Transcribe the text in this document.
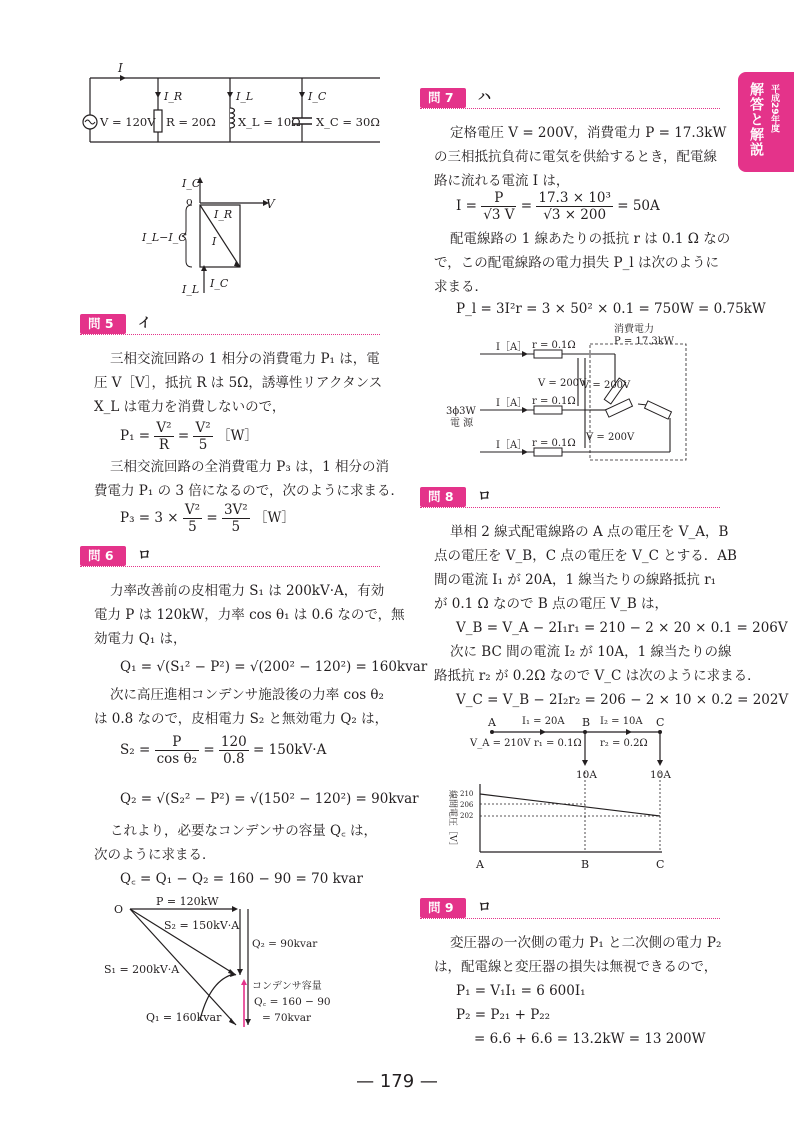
解答と解説 平成29年度
I
I_R	I_L	I_C
V = 120V R = 20Ω X_L = 10Ω X_C = 30Ω
I_C
o	V
I_R
I
I_L−I_C
I_L I_C
問 5	イ
三相交流回路の 1 相分の消費電力 P₁ は，電
圧 V［V］，抵抗 R は 5Ω，誘導性リアクタンス
X_L は電力を消費しないので，
$P_1 = \frac{\text{V²}}{R} = \frac{\text{V²}}{5}$ ［W］
三相交流回路の全消費電力 P₃ は，1 相分の消
費電力 P₁ の 3 倍になるので，次のように求まる．
$P_3 = 3 \times \frac{\text{V²}}{5} = \frac{\text{3V²}}{5}$ ［W］
問 6	ロ
力率改善前の皮相電力 S₁ は 200kV·A，有効
電力 P は 120kW，力率 cos θ₁ は 0.6 なので，無
効電力 Q₁ は，
Q₁ = √(S₁² − P²) = √(200² − 120²) = 160kvar
次に高圧進相コンデンサ施設後の力率 cos θ₂
は 0.8 なので，皮相電力 S₂ と無効電力 Q₂ は，
$S_2 = \frac{P}{\text{cos θ₂}} = \frac{120}{0.8} = 150kV\cdot A$
Q₂ = √(S₂² − P²) = √(150² − 120²) = 90kvar
これより，必要なコンデンサの容量 Q꜀ は，
次のように求まる．
Q꜀ = Q₁ − Q₂ = 160 − 90 = 70 kvar
O
P = 120kW
S₂ = 150kV·A
Q₂ = 90kvar
S₁ = 200kV·A
コンデンサ容量
Q꜀ = 160 − 90
= 70kvar
Q₁ = 160kvar
問 7	ハ
定格電圧 V = 200V，消費電力 P = 17.3kW
の三相抵抗負荷に電気を供給するとき，配電線
路に流れる電流 I は，
$I = \frac{P}{√3 V} = \frac{\text{17.3 × 10³}}{√3 \times 200} = 50A$
配電線路の 1 線あたりの抵抗 r は 0.1 Ω なの
で，この配電線路の電力損失 P_l は次のように
求まる．
P_l = 3I²r = 3 × 50² × 0.1 = 750W = 0.75kW
消費電力
P = 17.3kW
I［A］ r = 0.1Ω
I［A］ r = 0.1Ω
I［A］ r = 0.1Ω
V = 200V
V = 200V
V = 200V
3ϕ3W
電 源
問 8	ロ
単相 2 線式配電線路の A 点の電圧を V_A，B
点の電圧を V_B，C 点の電圧を V_C とする．AB
間の電流 I₁ が 20A，1 線当たりの線路抵抗 r₁
が 0.1 Ω なので B 点の電圧 V_B は，
V_B = V_A − 2I₁r₁ = 210 − 2 × 20 × 0.1 = 206V
次に BC 間の電流 I₂ が 10A，1 線当たりの線
路抵抗 r₂ が 0.2Ω なので V_C は次のように求まる．
V_C = V_B − 2I₂r₂ = 206 − 2 × 10 × 0.2 = 202V
A	B	C
I₁ = 20A	I₂ = 10A
V_A = 210V r₁ = 0.1Ω r₂ = 0.2Ω
10A	10A
210
206
202
線間電圧［V］
A	B	C
問 9	ロ
変圧器の一次側の電力 P₁ と二次側の電力 P₂
は，配電線と変圧器の損失は無視できるので，
P₁ = V₁I₁ = 6 600I₁
P₂ = P₂₁ + P₂₂
= 6.6 + 6.6 = 13.2kW = 13 200W
— 179 —
